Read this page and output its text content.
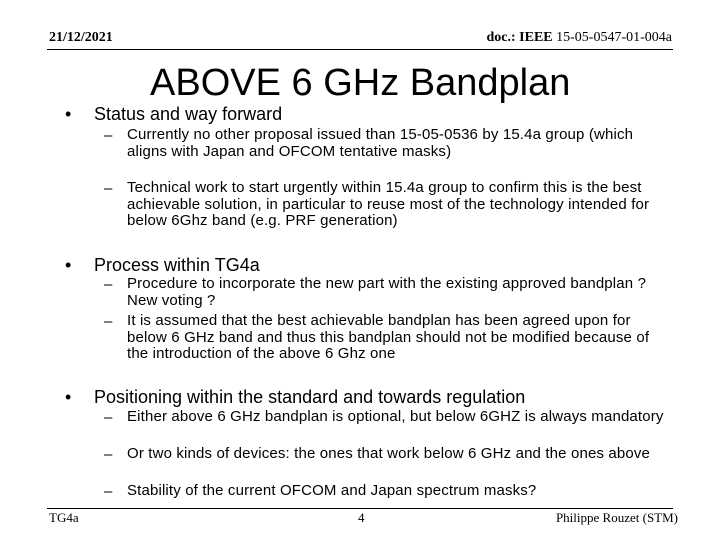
21/12/2021	doc.: IEEE 15-05-0547-01-004a
ABOVE 6 GHz Bandplan
• Status and way forward
– Currently no other proposal issued than 15-05-0536 by 15.4a group (which aligns with Japan and OFCOM tentative masks)
– Technical work to start urgently within 15.4a group to confirm this is the best achievable solution, in particular to reuse most of the technology intended for below 6Ghz band (e.g. PRF generation)
• Process within TG4a
– Procedure to incorporate the new part with the existing approved bandplan ? New voting ?
– It is assumed that the best achievable bandplan has been agreed upon for below 6 GHz band and thus this bandplan should not be modified because of the introduction of the above 6 Ghz one
• Positioning within the standard and towards regulation
– Either above 6 GHz bandplan is optional, but below 6GHZ is always mandatory
– Or two kinds of devices: the ones that work below 6 GHz and the ones above
– Stability of the current OFCOM and Japan spectrum masks?
TG4a	4	Philippe Rouzet (STM)
